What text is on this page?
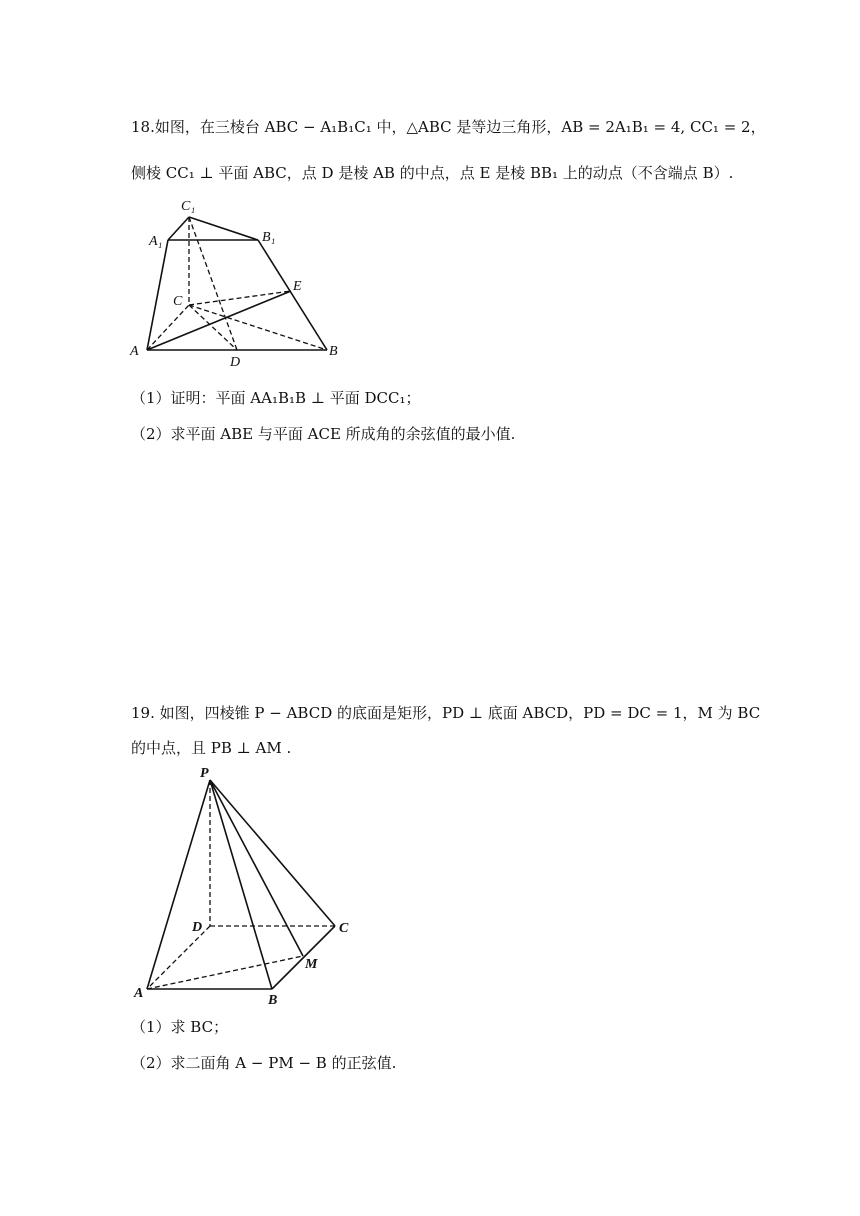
18.如图，在三棱台 ABC − A₁B₁C₁ 中，△ABC 是等边三角形，AB = 2A₁B₁ = 4, CC₁ = 2，
侧棱 CC₁ ⊥ 平面 ABC，点 D 是棱 AB 的中点，点 E 是棱 BB₁ 上的动点（不含端点 B）.
C₁
A₁	B₁
C
E
A
D
B
（1）证明：平面 AA₁B₁B ⊥ 平面 DCC₁；
（2）求平面 ABE 与平面 ACE 所成角的余弦值的最小值.
19. 如图，四棱锥 P − ABCD 的底面是矩形，PD ⊥ 底面 ABCD，PD = DC = 1，M 为 BC
的中点，且 PB ⊥ AM .
P
D	C
M
A	B
（1）求 BC；
（2）求二面角 A − PM − B 的正弦值.
